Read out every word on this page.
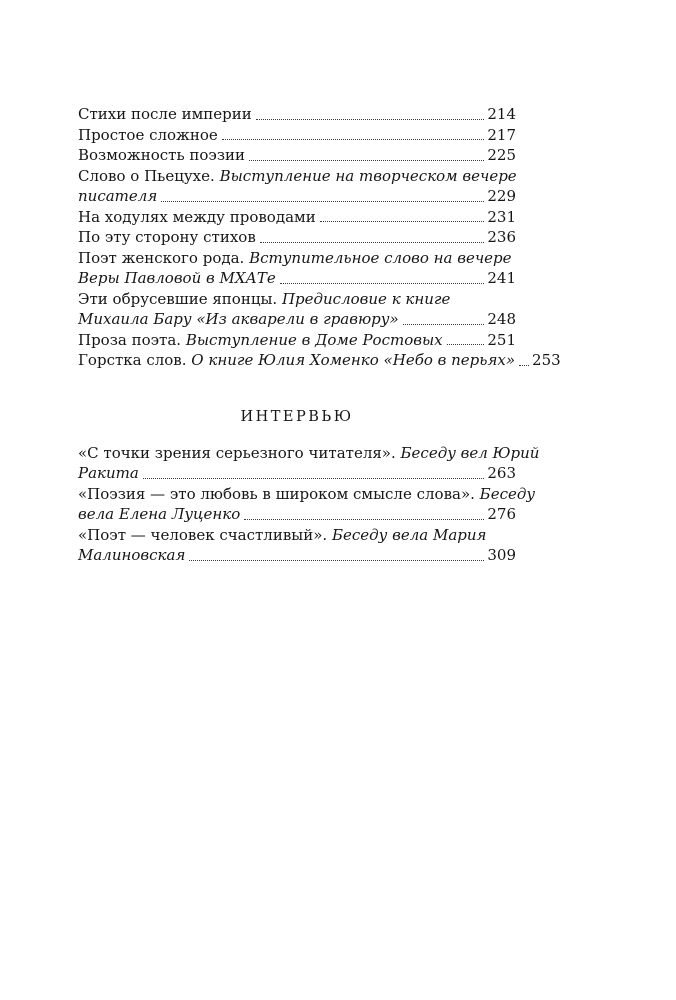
Стихи после империи	214
Простое сложное	217
Возможность поэзии	225
Слово о Пьецухе. Выступление на творческом вечере
писателя	229
На ходулях между проводами	231
По эту сторону стихов	236
Поэт женского рода. Вступительное слово на вечере
Веры Павловой в МХАТе	241
Эти обрусевшие японцы. Предисловие к книге
Михаила Бару «Из акварели в гравюру»	248
Проза поэта. Выступление в Доме Ростовых	251
Горстка слов. О книге Юлия Хоменко «Небо в перьях» 253
ИНТЕРВЬЮ
«С точки зрения серьезного читателя». Беседу вел Юрий
Ракита	263
«Поэзия — это любовь в широком смысле слова». Беседу
вела Елена Луценко	276
«Поэт — человек счастливый». Беседу вела Мария
Малиновская	309
